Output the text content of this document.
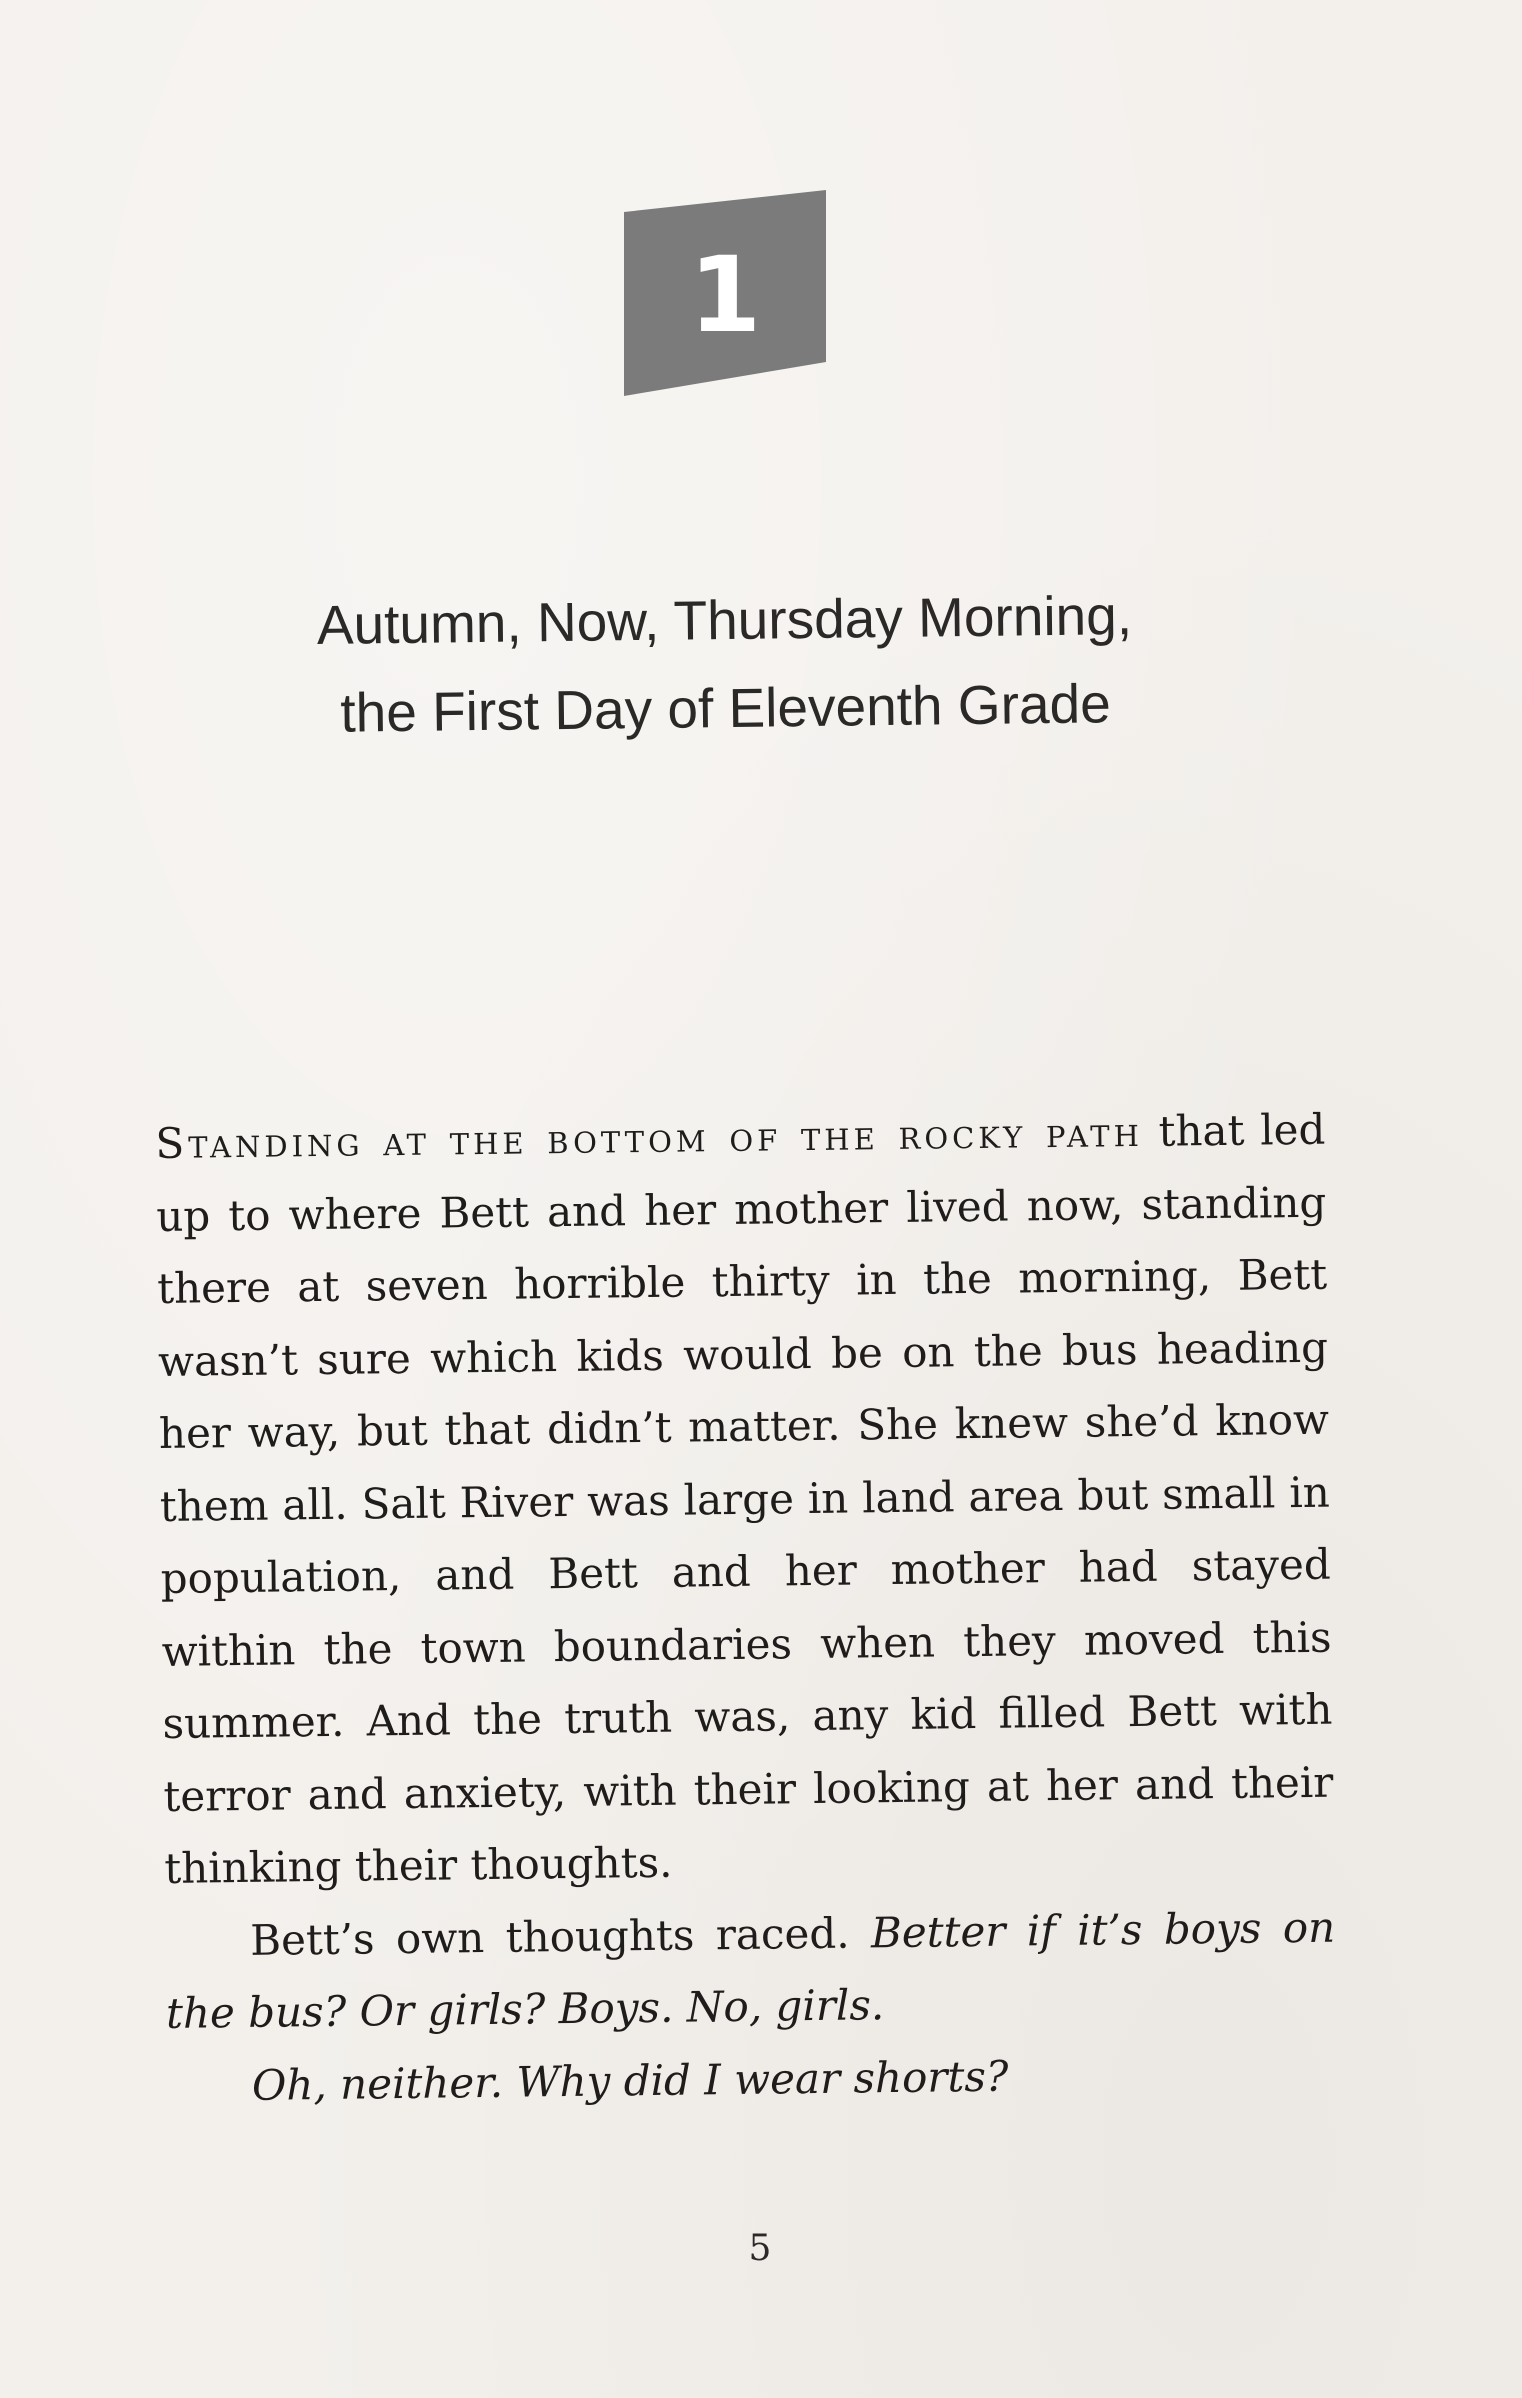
1
Autumn, Now, Thursday Morning,
the First Day of Eleventh Grade

Standing at the bottom of the rocky path that led up to where Bett and her mother lived now, standing there at seven horrible thirty in the morning, Bett wasn’t sure which kids would be on the bus heading her way, but that didn’t matter. She knew she’d know them all. Salt River was large in land area but small in population, and Bett and her mother had stayed within the town boundaries when they moved this summer. And the truth was, any kid filled Bett with terror and anxiety, with their looking at her and their thinking their thoughts.

Bett’s own thoughts raced. Better if it’s boys on the bus? Or girls? Boys. No, girls.

Oh, neither. Why did I wear shorts?

5
